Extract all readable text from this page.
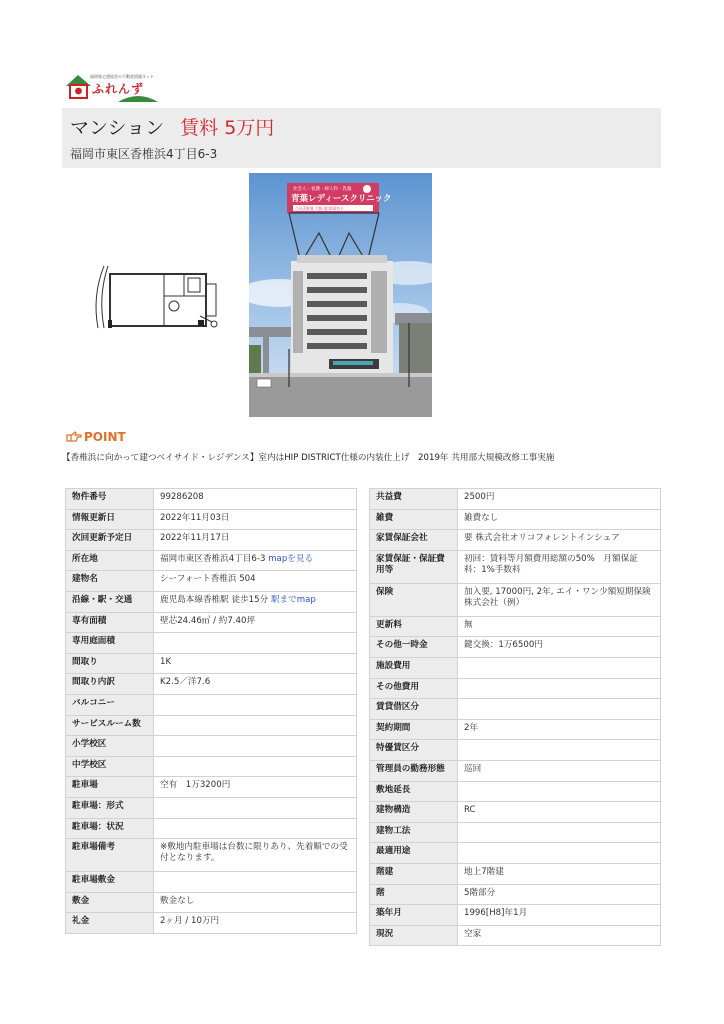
福岡県宅建協会の不動産情報ネット
ふれんず
マンション 賃料 5万円
福岡市東区香椎浜4丁目6-3
社会人・看護・婦人科・乳腺
青葉レディースクリニック
当社2番地 大野 駐車場有り
POINT
【香椎浜に向かって建つベイサイド・レジデンス】室内はHIP DISTRICT仕様の内装仕上げ　2019年 共用部大規模改修工事実施
物件番号	99286208
情報更新日	2022年11月03日
次回更新予定日	2022年11月17日
所在地	福岡市東区香椎浜4丁目6-3 mapを見る
建物名	シーフォート香椎浜 504
沿線・駅・交通	鹿児島本線香椎駅 徒歩15分 駅までmap
専有面積	壁芯24.46㎡ / 約7.40坪
専用庭面積	
間取り	1K
間取り内訳	K2.5／洋7.6
バルコニー	
サービスルーム数	
小学校区	
中学校区	
駐車場	空有　1万3200円
駐車場：形式	
駐車場：状況	
駐車場備考	※敷地内駐車場は台数に限りあり、先着順での受付となります。
駐車場敷金	
敷金	敷金なし
礼金	2ヶ月 / 10万円
共益費	2500円
雑費	雑費なし
家賃保証会社	要 株式会社オリコフォレントインシュア
家賃保証・保証費用等	初回：賃料等月額費用総額の50%　月額保証料：1%手数料
保険	加入要, 17000円, 2年, エイ・ワン少額短期保険株式会社（例）
更新料	無
その他一時金	鍵交換：1万6500円
施設費用	
その他費用	
賃貸借区分	
契約期間	2年
特優賃区分	
管理員の勤務形態	巡回
敷地延長	
建物構造	RC
建物工法	
最適用途	
階建	地上7階建
階	5階部分
築年月	1996[H8]年1月
現況	空家
